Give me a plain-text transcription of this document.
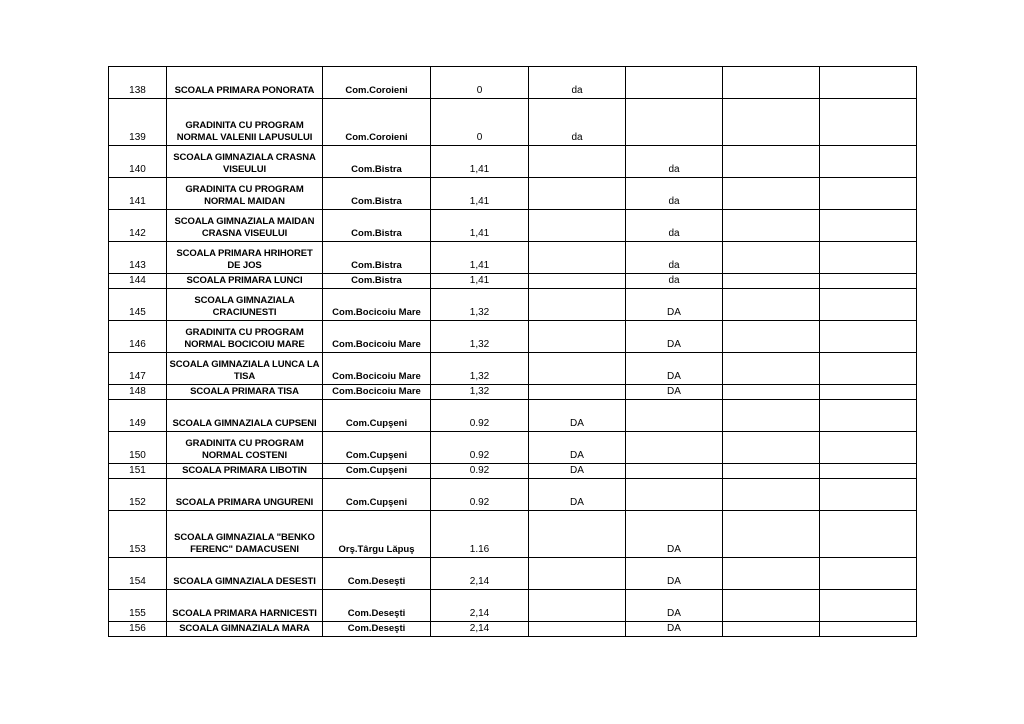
138	SCOALA PRIMARA PONORATA	Com.Coroieni	0	da			
139	GRADINITA CU PROGRAM NORMAL VALENII LAPUSULUI	Com.Coroieni	0	da			
140	SCOALA GIMNAZIALA CRASNA VISEULUI	Com.Bistra	1,41		da		
141	GRADINITA CU PROGRAM NORMAL MAIDAN	Com.Bistra	1,41		da		
142	SCOALA GIMNAZIALA MAIDAN CRASNA VISEULUI	Com.Bistra	1,41		da		
143	SCOALA PRIMARA HRIHORET DE JOS	Com.Bistra	1,41		da		
144	SCOALA PRIMARA LUNCI	Com.Bistra	1,41		da		
145	SCOALA GIMNAZIALA CRACIUNESTI	Com.Bocicoiu Mare	1,32		DA		
146	GRADINITA CU PROGRAM NORMAL BOCICOIU MARE	Com.Bocicoiu Mare	1,32		DA		
147	SCOALA GIMNAZIALA LUNCA LA TISA	Com.Bocicoiu Mare	1,32		DA		
148	SCOALA PRIMARA TISA	Com.Bocicoiu Mare	1,32		DA		
149	SCOALA GIMNAZIALA CUPSENI	Com.Cupşeni	0.92	DA			
150	GRADINITA CU PROGRAM NORMAL COSTENI	Com.Cupşeni	0.92	DA			
151	SCOALA PRIMARA LIBOTIN	Com.Cupşeni	0.92	DA			
152	SCOALA PRIMARA UNGURENI	Com.Cupşeni	0.92	DA			
153	SCOALA GIMNAZIALA "BENKO FERENC" DAMACUSENI	Orş.Târgu Lăpuş	1.16		DA		
154	SCOALA GIMNAZIALA DESESTI	Com.Deseşti	2,14		DA		
155	SCOALA PRIMARA HARNICESTI	Com.Deseşti	2,14		DA		
156	SCOALA GIMNAZIALA MARA	Com.Deseşti	2,14		DA		
